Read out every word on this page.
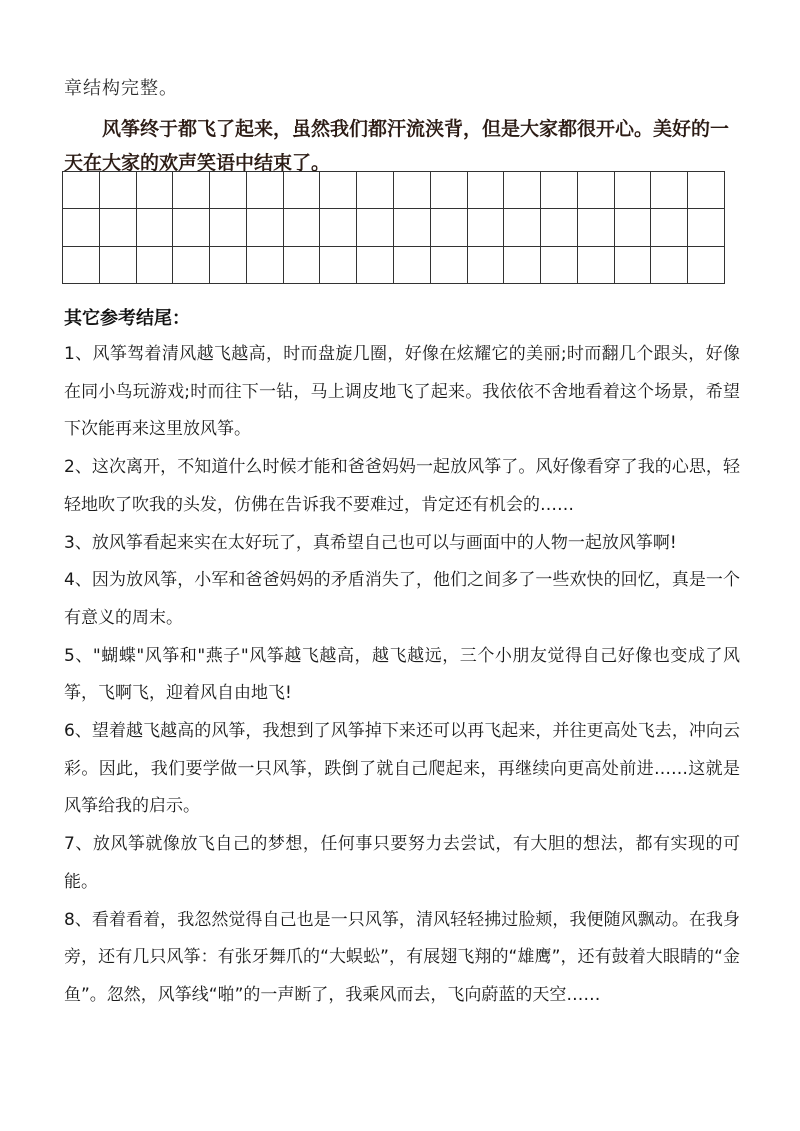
章结构完整。

风筝终于都飞了起来，虽然我们都汗流浃背，但是大家都很开心。美好的一天在大家的欢声笑语中结束了。

其它参考结尾：

1、风筝驾着清风越飞越高，时而盘旋几圈，好像在炫耀它的美丽;时而翻几个跟头，好像在同小鸟玩游戏;时而往下一钻，马上调皮地飞了起来。我依依不舍地看着这个场景，希望下次能再来这里放风筝。
2、这次离开，不知道什么时候才能和爸爸妈妈一起放风筝了。风好像看穿了我的心思，轻轻地吹了吹我的头发，仿佛在告诉我不要难过，肯定还有机会的……
3、放风筝看起来实在太好玩了，真希望自己也可以与画面中的人物一起放风筝啊!
4、因为放风筝，小军和爸爸妈妈的矛盾消失了，他们之间多了一些欢快的回忆，真是一个有意义的周末。
5、"蝴蝶"风筝和"燕子"风筝越飞越高，越飞越远，三个小朋友觉得自己好像也变成了风筝，飞啊飞，迎着风自由地飞!
6、望着越飞越高的风筝，我想到了风筝掉下来还可以再飞起来，并往更高处飞去，冲向云彩。因此，我们要学做一只风筝，跌倒了就自己爬起来，再继续向更高处前进……这就是风筝给我的启示。
7、放风筝就像放飞自己的梦想，任何事只要努力去尝试，有大胆的想法，都有实现的可能。
8、看着看着，我忽然觉得自己也是一只风筝，清风轻轻拂过脸颊，我便随风飘动。在我身旁，还有几只风筝：有张牙舞爪的“大蜈蚣”，有展翅飞翔的“雄鹰”，还有鼓着大眼睛的“金鱼”。忽然，风筝线“啪”的一声断了，我乘风而去，飞向蔚蓝的天空……
